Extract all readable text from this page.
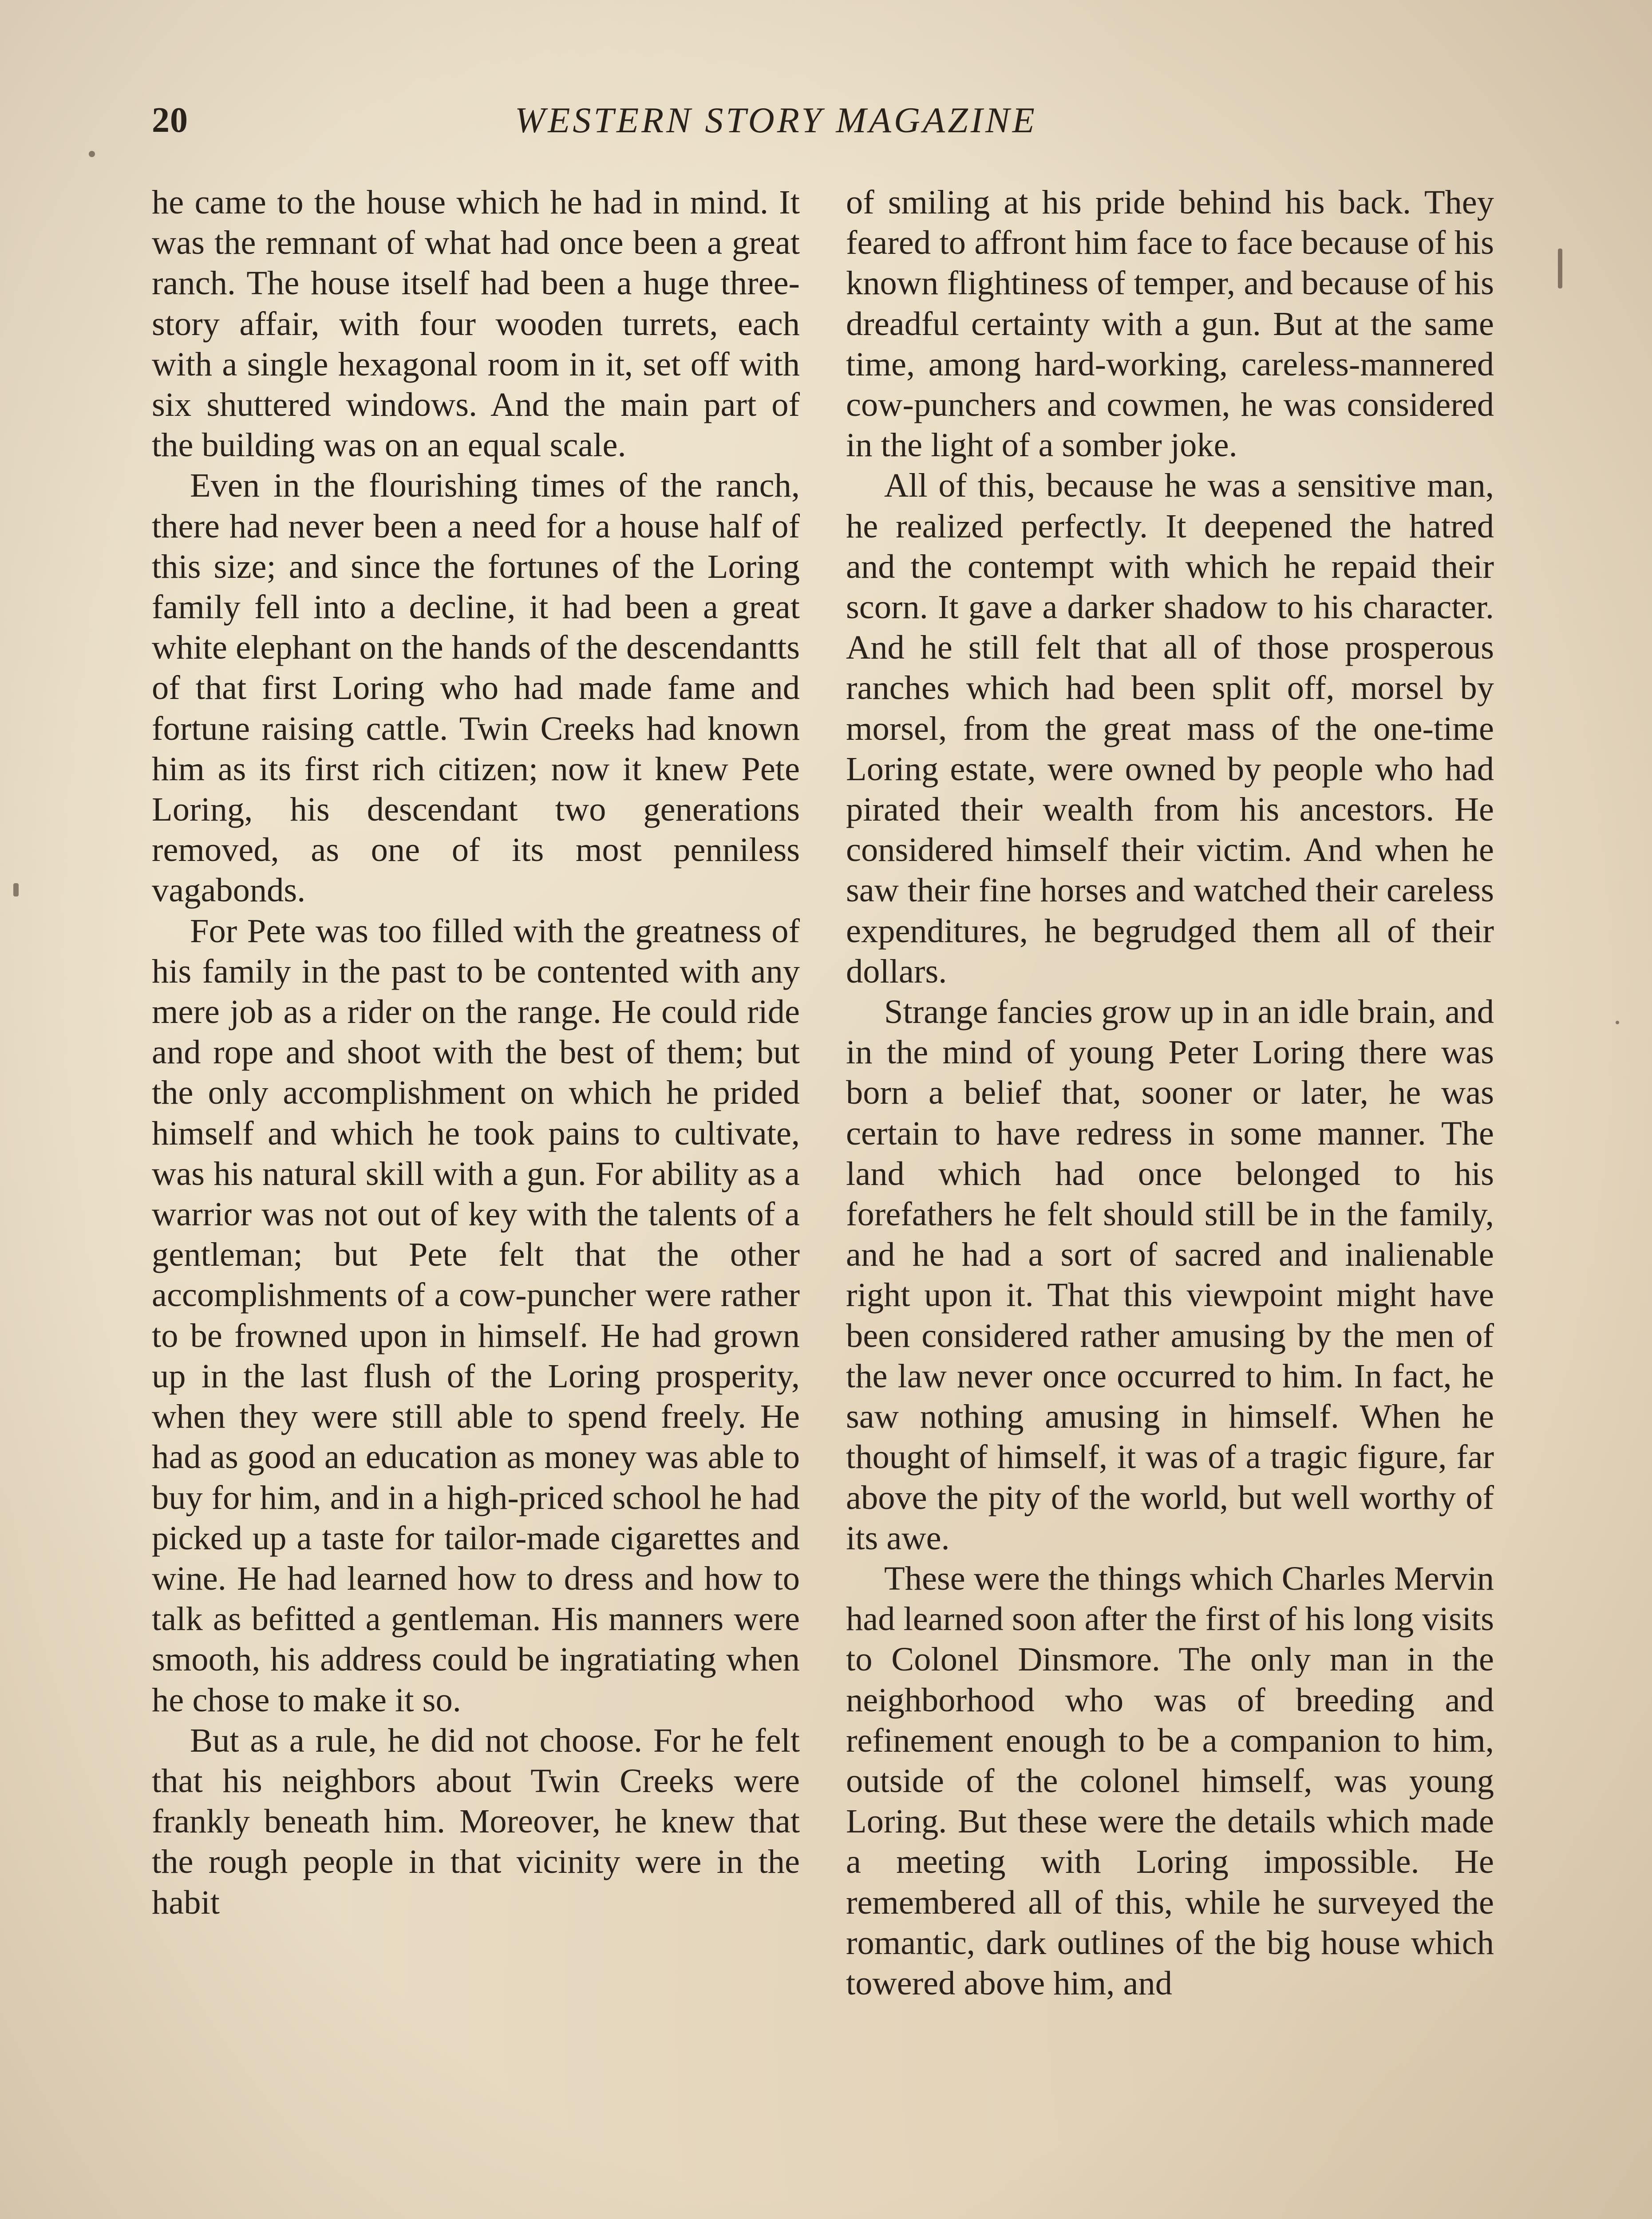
20	WESTERN STORY MAGAZINE

he came to the house which he had in mind. It was the remnant of what had once been a great ranch. The house itself had been a huge three-story affair, with four wooden turrets, each with a single hexagonal room in it, set off with six shuttered windows. And the main part of the building was on an equal scale.

Even in the flourishing times of the ranch, there had never been a need for a house half of this size; and since the fortunes of the Loring family fell into a decline, it had been a great white elephant on the hands of the descendantts of that first Loring who had made fame and fortune raising cattle. Twin Creeks had known him as its first rich citizen; now it knew Pete Loring, his descendant two generations removed, as one of its most penniless vagabonds.

For Pete was too filled with the greatness of his family in the past to be contented with any mere job as a rider on the range. He could ride and rope and shoot with the best of them; but the only accomplishment on which he prided himself and which he took pains to cultivate, was his natural skill with a gun. For ability as a warrior was not out of key with the talents of a gentleman; but Pete felt that the other accomplishments of a cow-puncher were rather to be frowned upon in himself. He had grown up in the last flush of the Loring prosperity, when they were still able to spend freely. He had as good an education as money was able to buy for him, and in a high-priced school he had picked up a taste for tailor-made cigarettes and wine. He had learned how to dress and how to talk as befitted a gentleman. His manners were smooth, his address could be ingratiating when he chose to make it so.

But as a rule, he did not choose. For he felt that his neighbors about Twin Creeks were frankly beneath him. Moreover, he knew that the rough people in that vicinity were in the habit

of smiling at his pride behind his back. They feared to affront him face to face because of his known flightiness of temper, and because of his dreadful certainty with a gun. But at the same time, among hard-working, careless-mannered cow-punchers and cowmen, he was considered in the light of a somber joke.

All of this, because he was a sensitive man, he realized perfectly. It deepened the hatred and the contempt with which he repaid their scorn. It gave a darker shadow to his character. And he still felt that all of those prosperous ranches which had been split off, morsel by morsel, from the great mass of the one-time Loring estate, were owned by people who had pirated their wealth from his ancestors. He considered himself their victim. And when he saw their fine horses and watched their careless expenditures, he begrudged them all of their dollars.

Strange fancies grow up in an idle brain, and in the mind of young Peter Loring there was born a belief that, sooner or later, he was certain to have redress in some manner. The land which had once belonged to his forefathers he felt should still be in the family, and he had a sort of sacred and inalienable right upon it. That this viewpoint might have been considered rather amusing by the men of the law never once occurred to him. In fact, he saw nothing amusing in himself. When he thought of himself, it was of a tragic figure, far above the pity of the world, but well worthy of its awe.

These were the things which Charles Mervin had learned soon after the first of his long visits to Colonel Dinsmore. The only man in the neighborhood who was of breeding and refinement enough to be a companion to him, outside of the colonel himself, was young Loring. But these were the details which made a meeting with Loring impossible. He remembered all of this, while he surveyed the romantic, dark outlines of the big house which towered above him, and
